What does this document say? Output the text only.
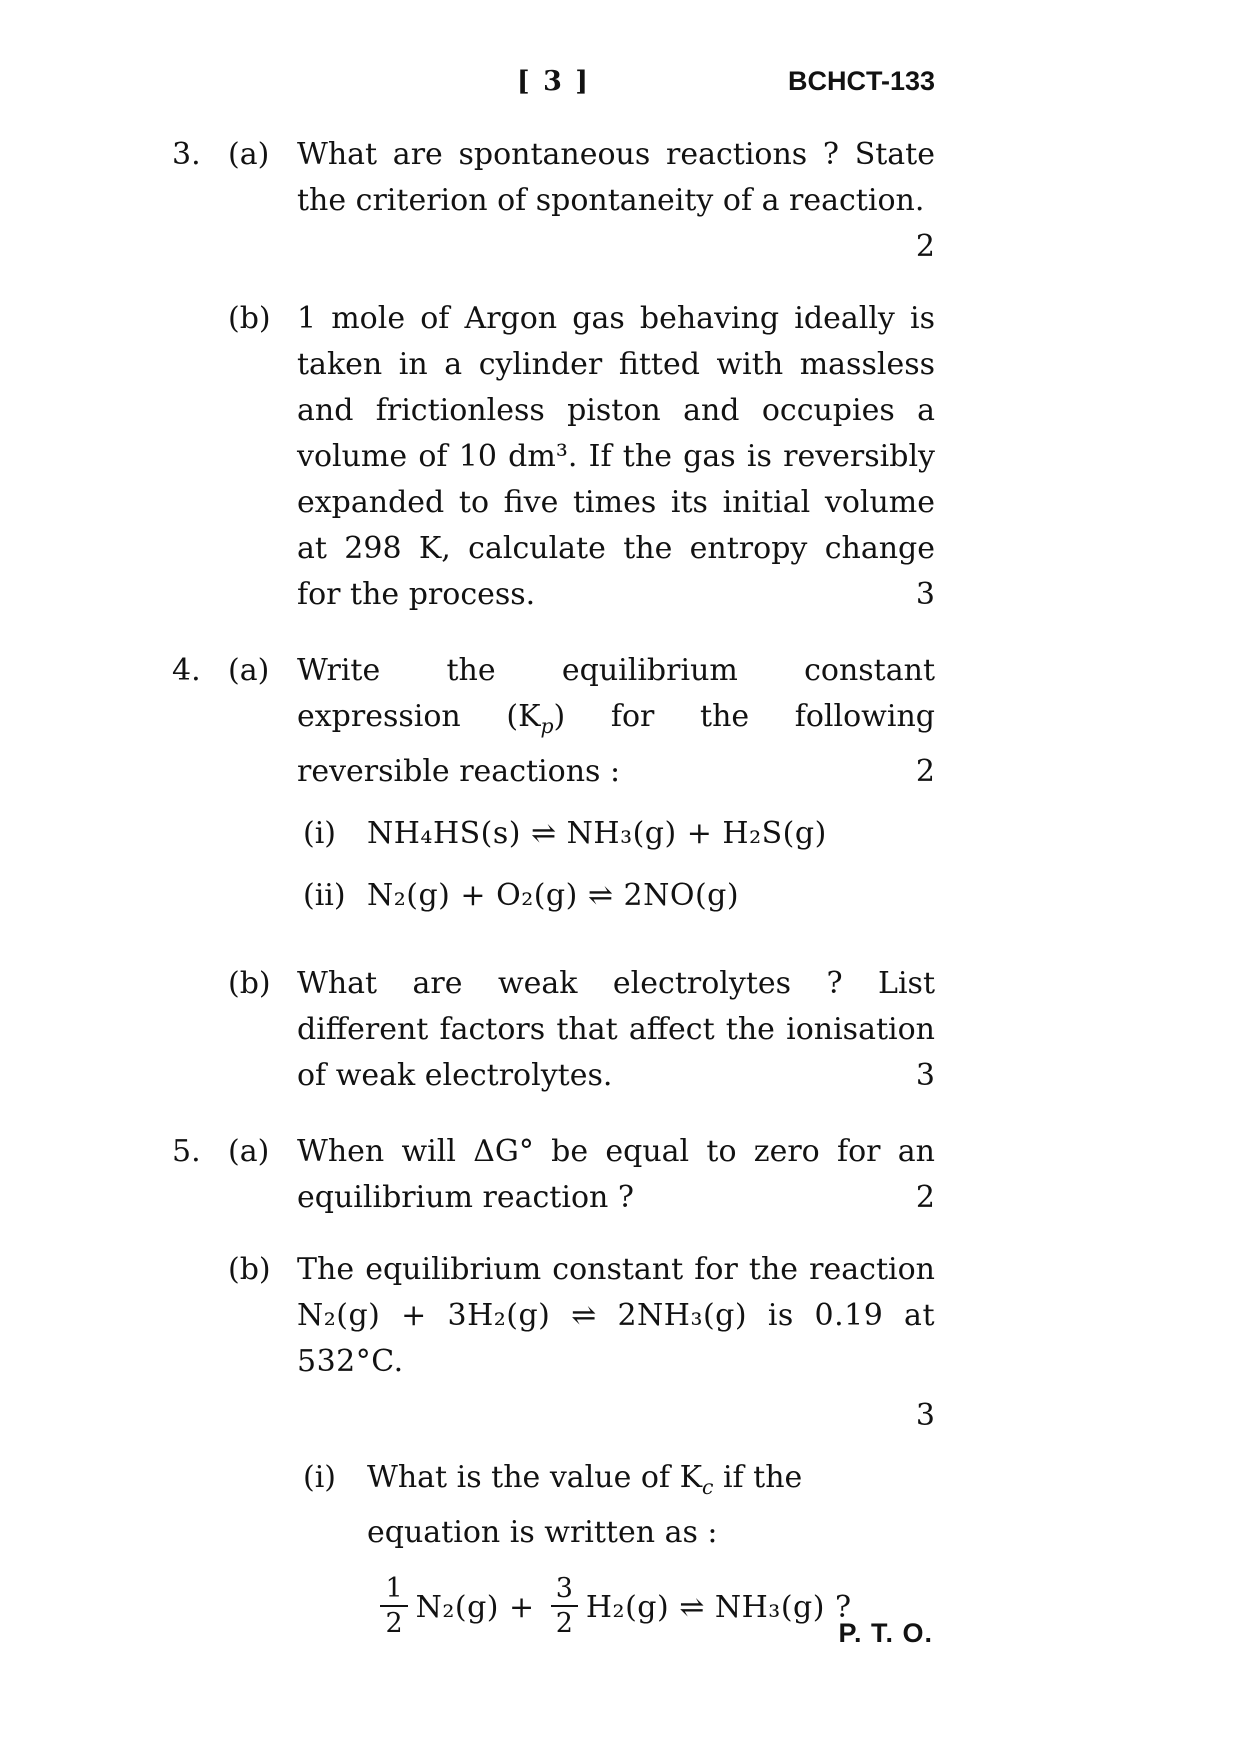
[ 3 ]	BCHCT-133
3. (a) What are spontaneous reactions ? State the criterion of spontaneity of a reaction.
2

(b) 1 mole of Argon gas behaving ideally is taken in a cylinder fitted with massless and frictionless piston and occupies a volume of 10 dm³. If the gas is reversibly expanded to five times its initial volume at 298 K, calculate the entropy change for the process.	3

4. (a) Write the equilibrium constant expression $(K_p)$ for the following reversible reactions :	2

(i)	NH₄HS(s) ⇌ NH₃(g) + H₂S(g)
(ii) N₂(g) + O₂(g) ⇌ 2NO(g)
(b) What are weak electrolytes ? List different factors that affect the ionisation of weak electrolytes.	3

5. (a) When will ΔG° be equal to zero for an equilibrium reaction ?	2

(b) The equilibrium constant for the reaction N₂(g) + 3H₂(g) ⇌ 2NH₃(g) is 0.19 at 532°C.

3
(i)	What is the value of $K_c$ if the equation is written as :
$\frac{1}{2} N_2(g) + \frac{3}{2} H_2(g)$ ⇌ NH₃(g) ?
P. T. O.
